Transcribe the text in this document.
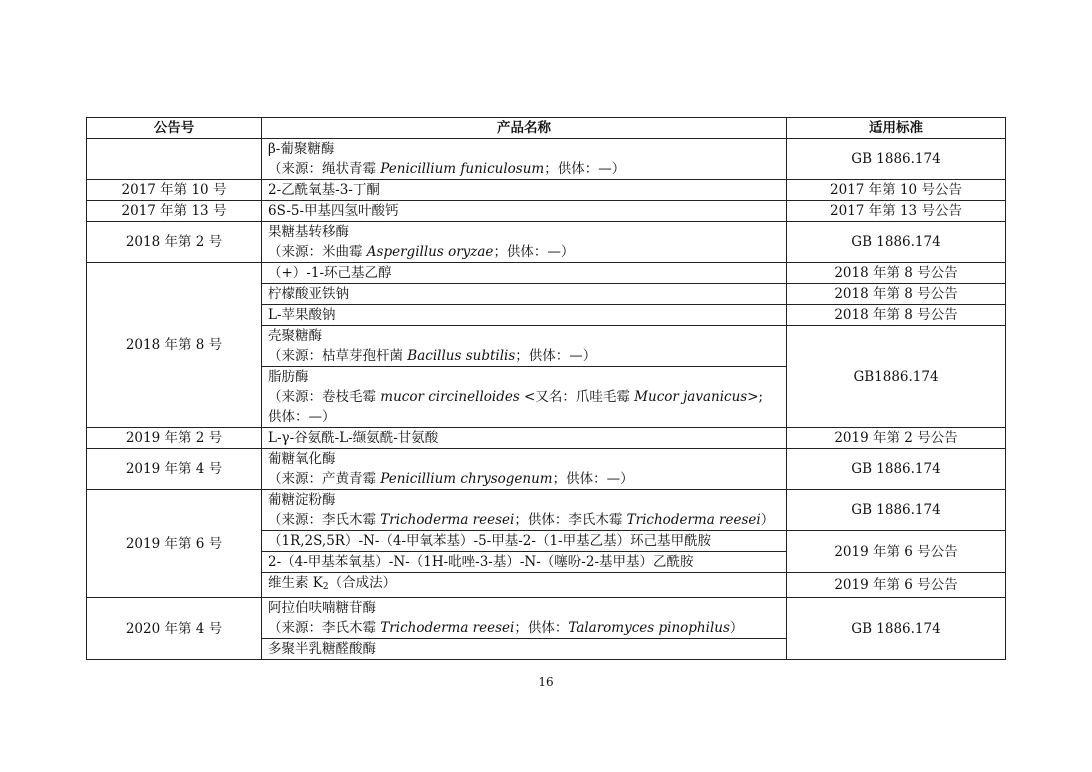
公告号	产品名称	适用标准

	β-葡聚糖酶
（来源：绳状青霉 Penicillium funiculosum；供体：—）	GB 1886.174
2017 年第 10 号	2-乙酰氧基-3-丁酮	2017 年第 10 号公告
2017 年第 13 号	6S-5-甲基四氢叶酸钙	2017 年第 13 号公告
2018 年第 2 号	果糖基转移酶
（来源：米曲霉 Aspergillus oryzae；供体：—）	GB 1886.174
2018 年第 8 号	（+）-1-环己基乙醇	2018 年第 8 号公告
	柠檬酸亚铁钠	2018 年第 8 号公告
	L-苹果酸钠	2018 年第 8 号公告

	壳聚糖酶
（来源：枯草芽孢杆菌 Bacillus subtilis；供体：—）	GB1886.174

	脂肪酶
（来源：卷枝毛霉 mucor circinelloides <又名：爪哇毛霉 Mucor javanicus>;
供体：—）	

2019 年第 2 号	L-γ-谷氨酰-L-缬氨酰-甘氨酸	2019 年第 2 号公告
2019 年第 4 号	葡糖氧化酶
（来源：产黄青霉 Penicillium chrysogenum；供体：—）	GB 1886.174
2019 年第 6 号	葡糖淀粉酶
（来源：李氏木霉 Trichoderma reesei；供体：李氏木霉 Trichoderma reesei）	GB 1886.174
	（1R,2S,5R）-N-（4-甲氧苯基）-5-甲基-2-（1-甲基乙基）环己基甲酰胺	2019 年第 6 号公告
	2-（4-甲基苯氧基）-N-（1H-吡唑-3-基）-N-（噻吩-2-基甲基）乙酰胺	
	维生素 $K_2$（合成法）	2019 年第 6 号公告
2020 年第 4 号	阿拉伯呋喃糖苷酶
（来源：李氏木霉 Trichoderma reesei；供体：Talaromyces pinophilus）	GB 1886.174
	多聚半乳糖醛酸酶	
16
